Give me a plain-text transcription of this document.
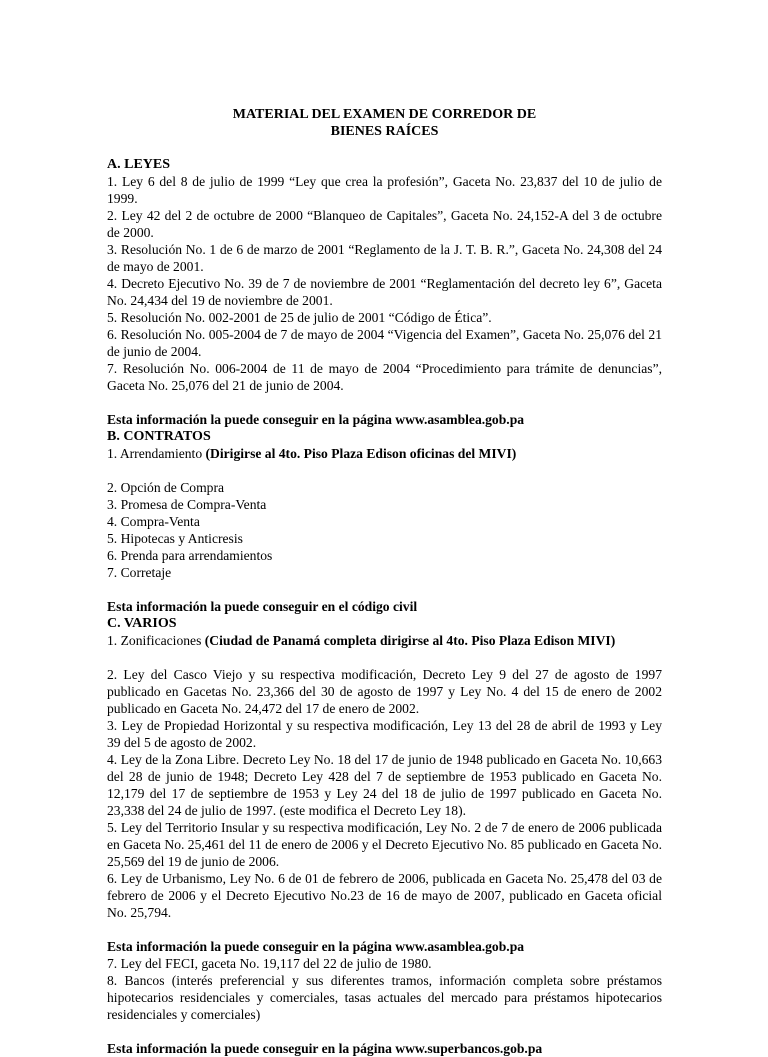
MATERIAL DEL EXAMEN DE CORREDOR DE
BIENES RAÍCES

A. LEYES

1. Ley 6 del 8 de julio de 1999 “Ley que crea la profesión”, Gaceta No. 23,837 del 10 de julio de 1999.

2. Ley 42 del 2 de octubre de 2000 “Blanqueo de Capitales”, Gaceta No. 24,152-A del 3 de octubre de 2000.

3. Resolución No. 1 de 6 de marzo de 2001 “Reglamento de la J. T. B. R.”, Gaceta No. 24,308 del 24 de mayo de 2001.

4. Decreto Ejecutivo No. 39 de 7 de noviembre de 2001 “Reglamentación del decreto ley 6”, Gaceta No. 24,434 del 19 de noviembre de 2001.

5. Resolución No. 002-2001 de 25 de julio de 2001 “Código de Ética”.

6. Resolución No. 005-2004 de 7 de mayo de 2004 “Vigencia del Examen”, Gaceta No. 25,076 del 21 de junio de 2004.

7. Resolución No. 006-2004 de 11 de mayo de 2004 “Procedimiento para trámite de denuncias”, Gaceta No. 25,076 del 21 de junio de 2004.

Esta información la puede conseguir en la página www.asamblea.gob.pa

B. CONTRATOS

1. Arrendamiento (Dirigirse al 4to. Piso Plaza Edison oficinas del MIVI)

2. Opción de Compra

3. Promesa de Compra-Venta

4. Compra-Venta

5. Hipotecas y Anticresis

6. Prenda para arrendamientos

7. Corretaje

Esta información la puede conseguir en el código civil

C. VARIOS

1. Zonificaciones (Ciudad de Panamá completa dirigirse al 4to. Piso Plaza Edison MIVI)

2. Ley del Casco Viejo y su respectiva modificación, Decreto Ley 9 del 27 de agosto de 1997 publicado en Gacetas No. 23,366 del 30 de agosto de 1997 y Ley No. 4 del 15 de enero de 2002 publicado en Gaceta No. 24,472 del 17 de enero de 2002.

3. Ley de Propiedad Horizontal y su respectiva modificación, Ley 13 del 28 de abril de 1993 y Ley 39 del 5 de agosto de 2002.

4. Ley de la Zona Libre. Decreto Ley No. 18 del 17 de junio de 1948 publicado en Gaceta No. 10,663 del 28 de junio de 1948; Decreto Ley 428 del 7 de septiembre de 1953 publicado en Gaceta No. 12,179 del 17 de septiembre de 1953 y Ley 24 del 18 de julio de 1997 publicado en Gaceta No. 23,338 del 24 de julio de 1997. (este modifica el Decreto Ley 18).

5. Ley del Territorio Insular y su respectiva modificación, Ley No. 2 de 7 de enero de 2006 publicada en Gaceta No. 25,461 del 11 de enero de 2006 y el Decreto Ejecutivo No. 85 publicado en Gaceta No. 25,569 del 19 de junio de 2006.

6. Ley de Urbanismo, Ley No. 6 de 01 de febrero de 2006, publicada en Gaceta No. 25,478 del 03 de febrero de 2006 y el Decreto Ejecutivo No.23 de 16 de mayo de 2007, publicado en Gaceta oficial No. 25,794.

Esta información la puede conseguir en la página www.asamblea.gob.pa

7. Ley del FECI, gaceta No. 19,117 del 22 de julio de 1980.

8. Bancos (interés preferencial y sus diferentes tramos, información completa sobre préstamos hipotecarios residenciales y comerciales, tasas actuales del mercado para préstamos hipotecarios residenciales y comerciales)

Esta información la puede conseguir en la página www.superbancos.gob.pa
